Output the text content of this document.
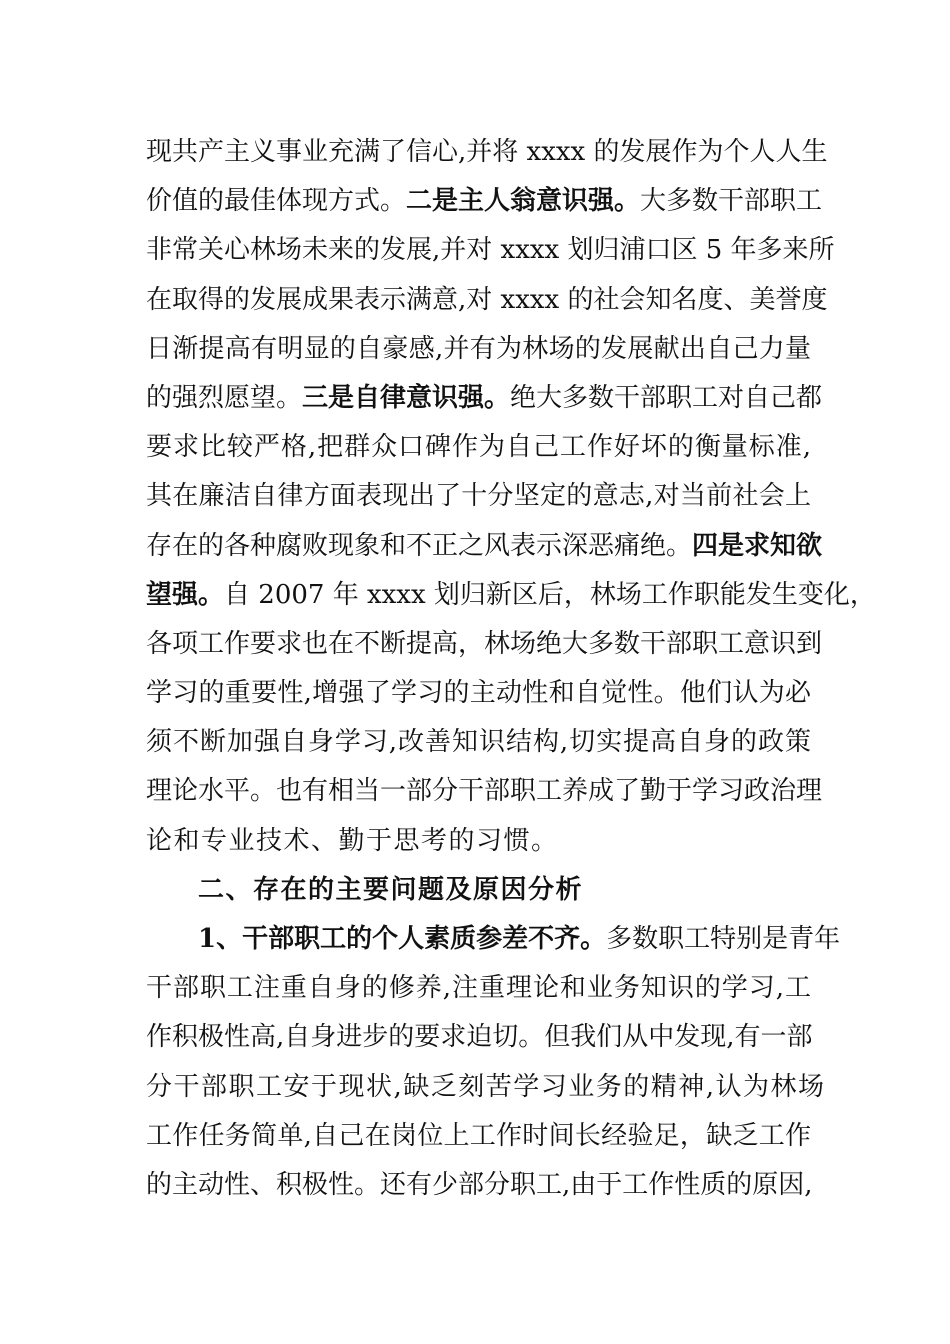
现共产主义事业充满了信心,并将 xxxx 的发展作为个人人生
价值的最佳体现方式。二是主人翁意识强。大多数干部职工
非常关心林场未来的发展,并对 xxxx 划归浦口区 5 年多来所
在取得的发展成果表示满意,对 xxxx 的社会知名度、美誉度
日渐提高有明显的自豪感,并有为林场的发展献出自己力量
的强烈愿望。三是自律意识强。绝大多数干部职工对自己都
要求比较严格,把群众口碑作为自己工作好坏的衡量标准,
其在廉洁自律方面表现出了十分坚定的意志,对当前社会上
存在的各种腐败现象和不正之风表示深恶痛绝。四是求知欲
望强。自 2007 年 xxxx 划归新区后，林场工作职能发生变化，
各项工作要求也在不断提高，林场绝大多数干部职工意识到
学习的重要性,增强了学习的主动性和自觉性。他们认为必
须不断加强自身学习,改善知识结构,切实提高自身的政策
理论水平。也有相当一部分干部职工养成了勤于学习政治理
论和专业技术、勤于思考的习惯。
二、存在的主要问题及原因分析
1、干部职工的个人素质参差不齐。多数职工特别是青年
干部职工注重自身的修养,注重理论和业务知识的学习,工
作积极性高,自身进步的要求迫切。但我们从中发现,有一部
分干部职工安于现状,缺乏刻苦学习业务的精神,认为林场
工作任务简单,自己在岗位上工作时间长经验足，缺乏工作
的主动性、积极性。还有少部分职工,由于工作性质的原因,
